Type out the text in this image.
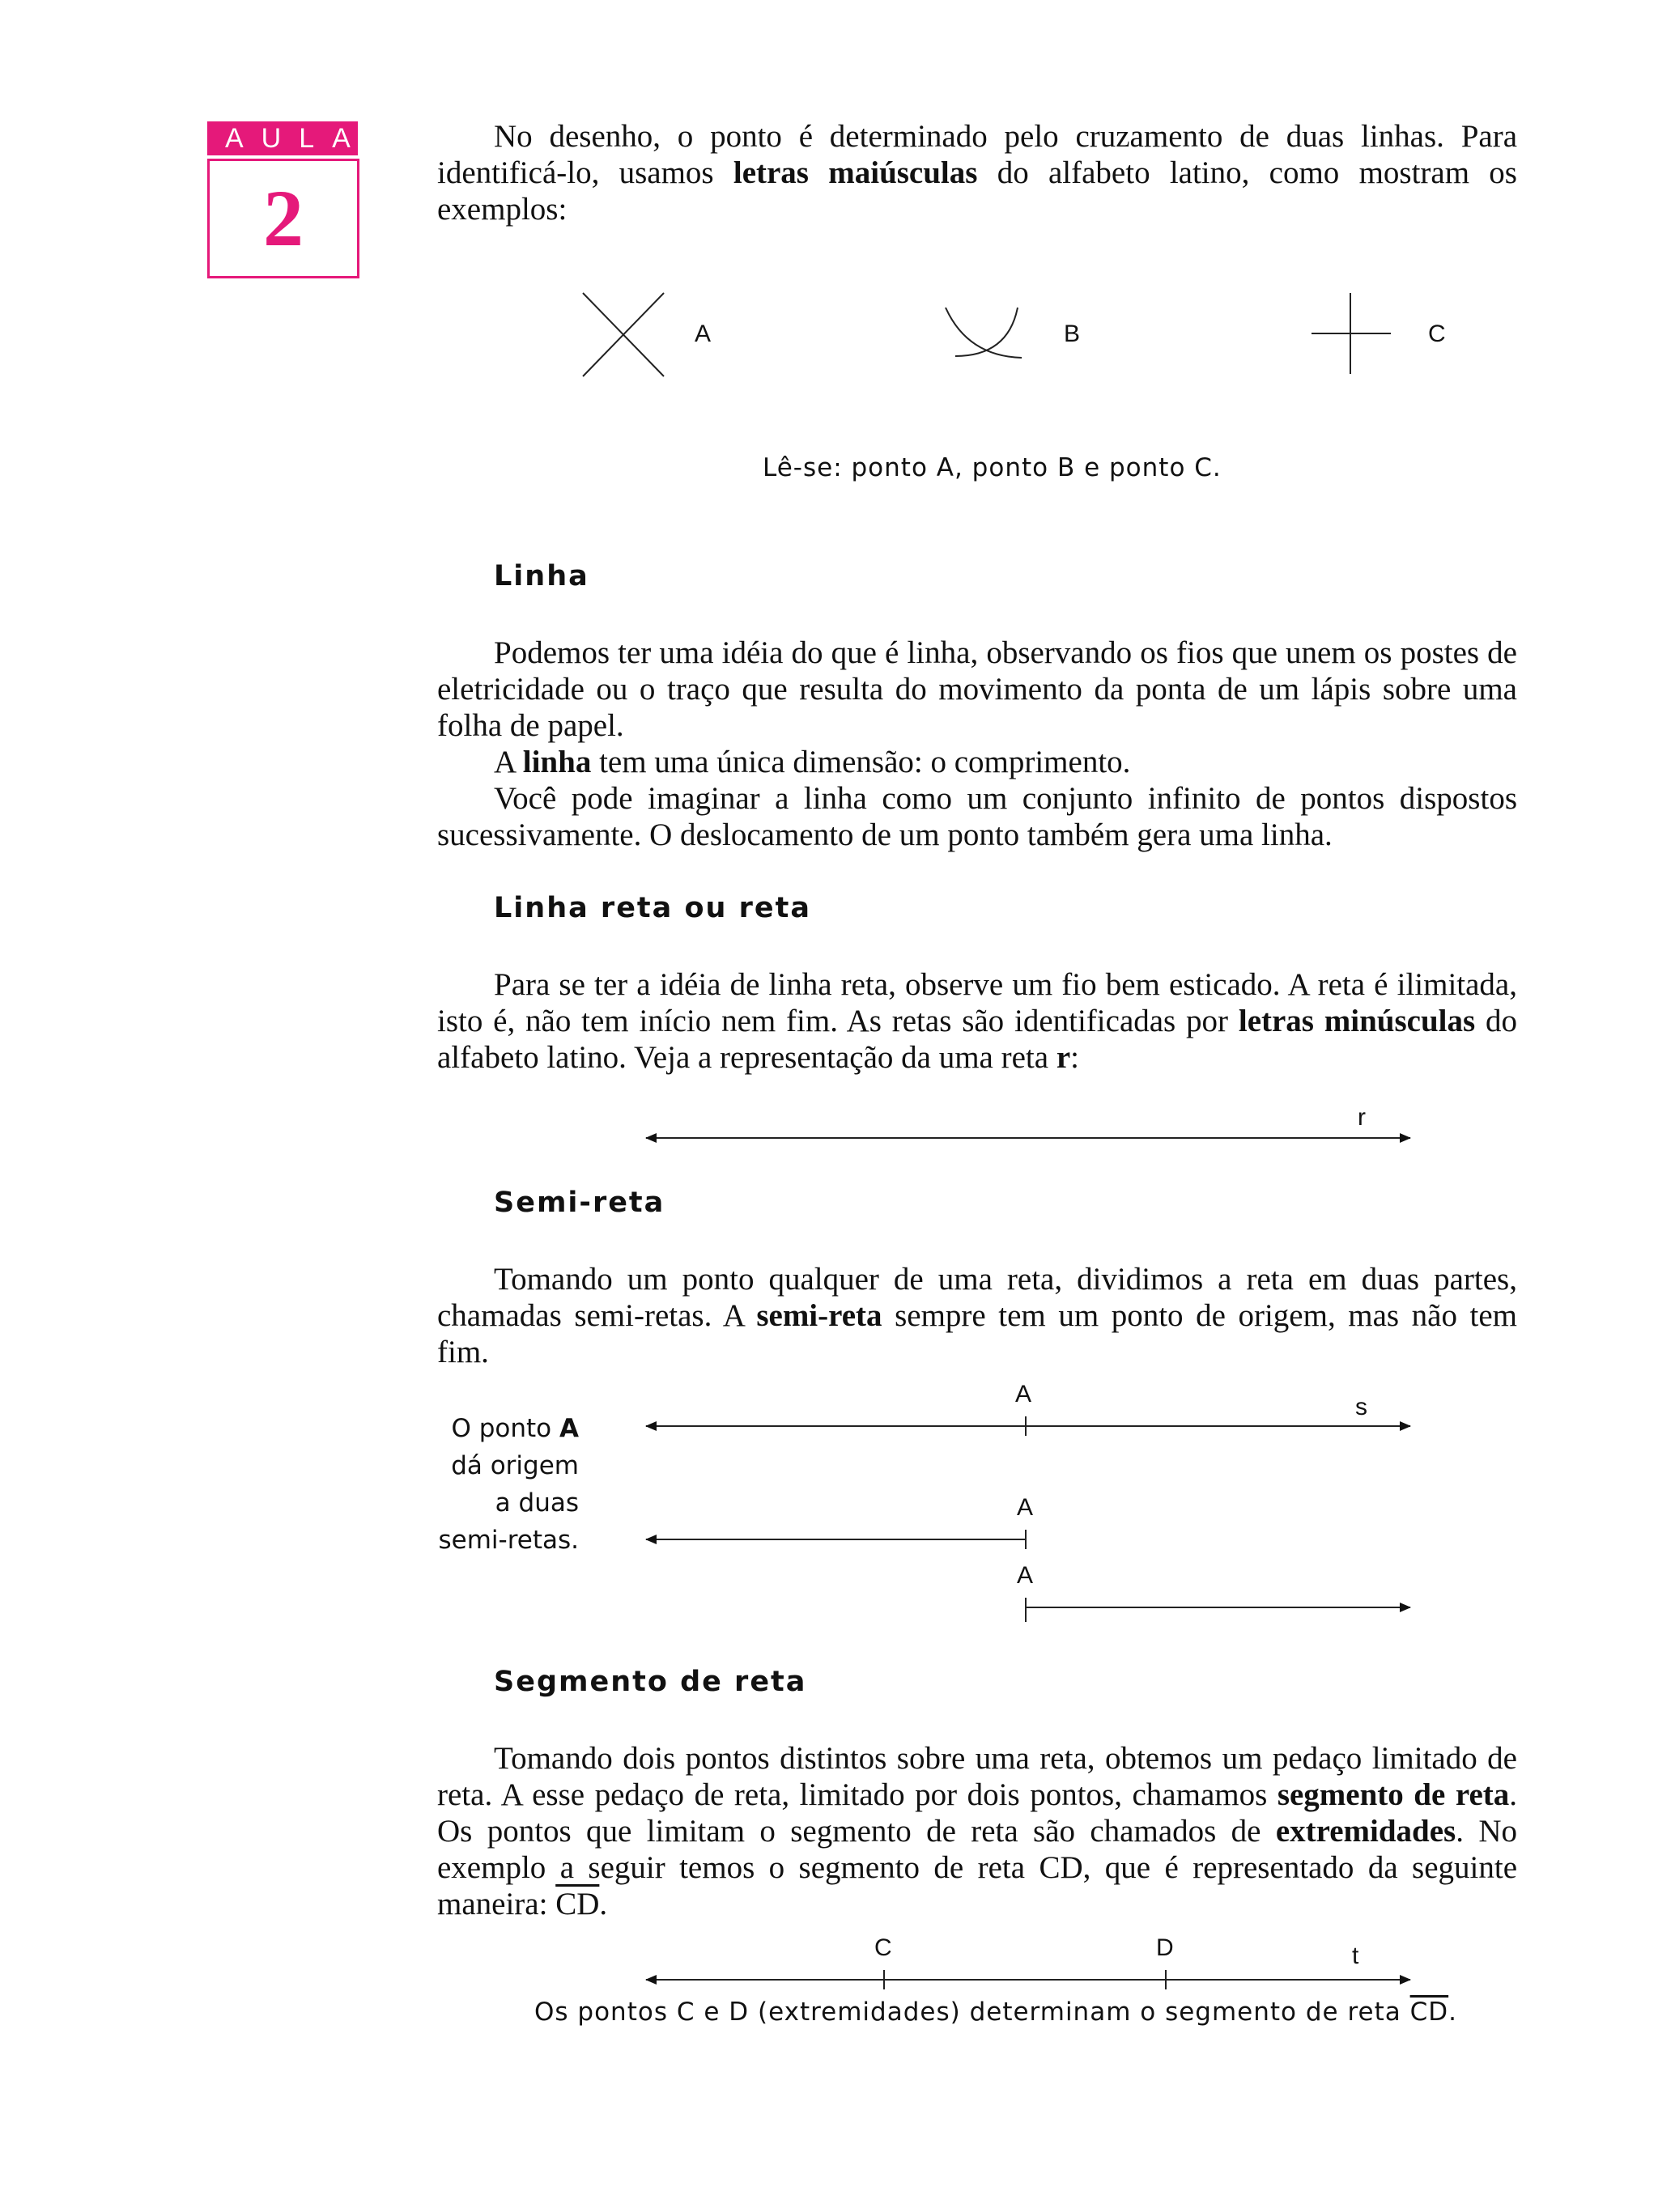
AULA
2
No desenho, o ponto é determinado pelo cruzamento de duas linhas. Para identificá-lo, usamos letras maiúsculas do alfabeto latino, como mostram os exemplos:
A	B	C
Lê-se: ponto A, ponto B e ponto C.
Linha
Podemos ter uma idéia do que é linha, observando os fios que unem os postes de eletricidade ou o traço que resulta do movimento da ponta de um lápis sobre uma folha de papel.
A linha tem uma única dimensão: o comprimento.
Você pode imaginar a linha como um conjunto infinito de pontos dispostos sucessivamente. O deslocamento de um ponto também gera uma linha.
Linha reta ou reta
Para se ter a idéia de linha reta, observe um fio bem esticado. A reta é ilimitada, isto é, não tem início nem fim. As retas são identificadas por letras minúsculas do alfabeto latino. Veja a representação da uma reta r:
r
Semi-reta
Tomando um ponto qualquer de uma reta, dividimos a reta em duas partes, chamadas semi-retas. A semi-reta sempre tem um ponto de origem, mas não tem fim.
O ponto A
dá origem
a duas
semi-retas.
A	s
A
A
Segmento de reta
Tomando dois pontos distintos sobre uma reta, obtemos um pedaço limitado de reta. A esse pedaço de reta, limitado por dois pontos, chamamos segmento de reta. Os pontos que limitam o segmento de reta são chamados de extremidades. No exemplo a seguir temos o segmento de reta CD, que é representado da seguinte maneira: $\overline{CD}$.
C	D	t
Os pontos C e D (extremidades) determinam o segmento de reta $\overline{CD}$.
